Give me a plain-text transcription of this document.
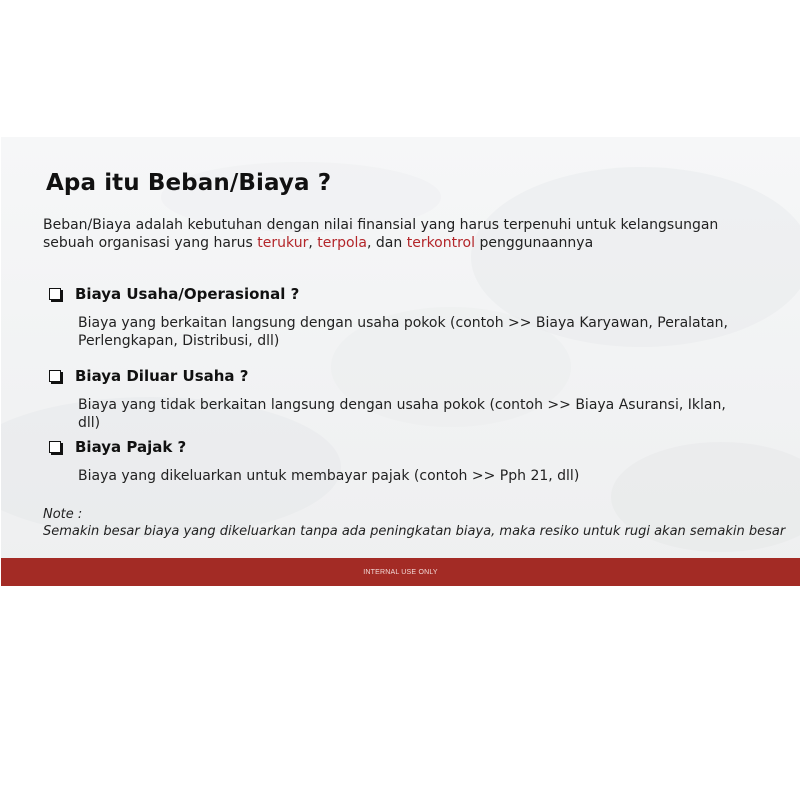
Apa itu Beban/Biaya ?

Beban/Biaya adalah kebutuhan dengan nilai finansial yang harus terpenuhi untuk kelangsungan sebuah organisasi yang harus terukur, terpola, dan terkontrol penggunaannya

Biaya Usaha/Operasional ?
Biaya yang berkaitan langsung dengan usaha pokok (contoh >> Biaya Karyawan, Peralatan, Perlengkapan, Distribusi, dll)
Biaya Diluar Usaha ?
Biaya yang tidak berkaitan langsung dengan usaha pokok (contoh >> Biaya Asuransi, Iklan, dll)
Biaya Pajak ?
Biaya yang dikeluarkan untuk membayar pajak (contoh >> Pph 21, dll)
Note :
Semakin besar biaya yang dikeluarkan tanpa ada peningkatan biaya, maka resiko untuk rugi akan semakin besar
INTERNAL USE ONLY
